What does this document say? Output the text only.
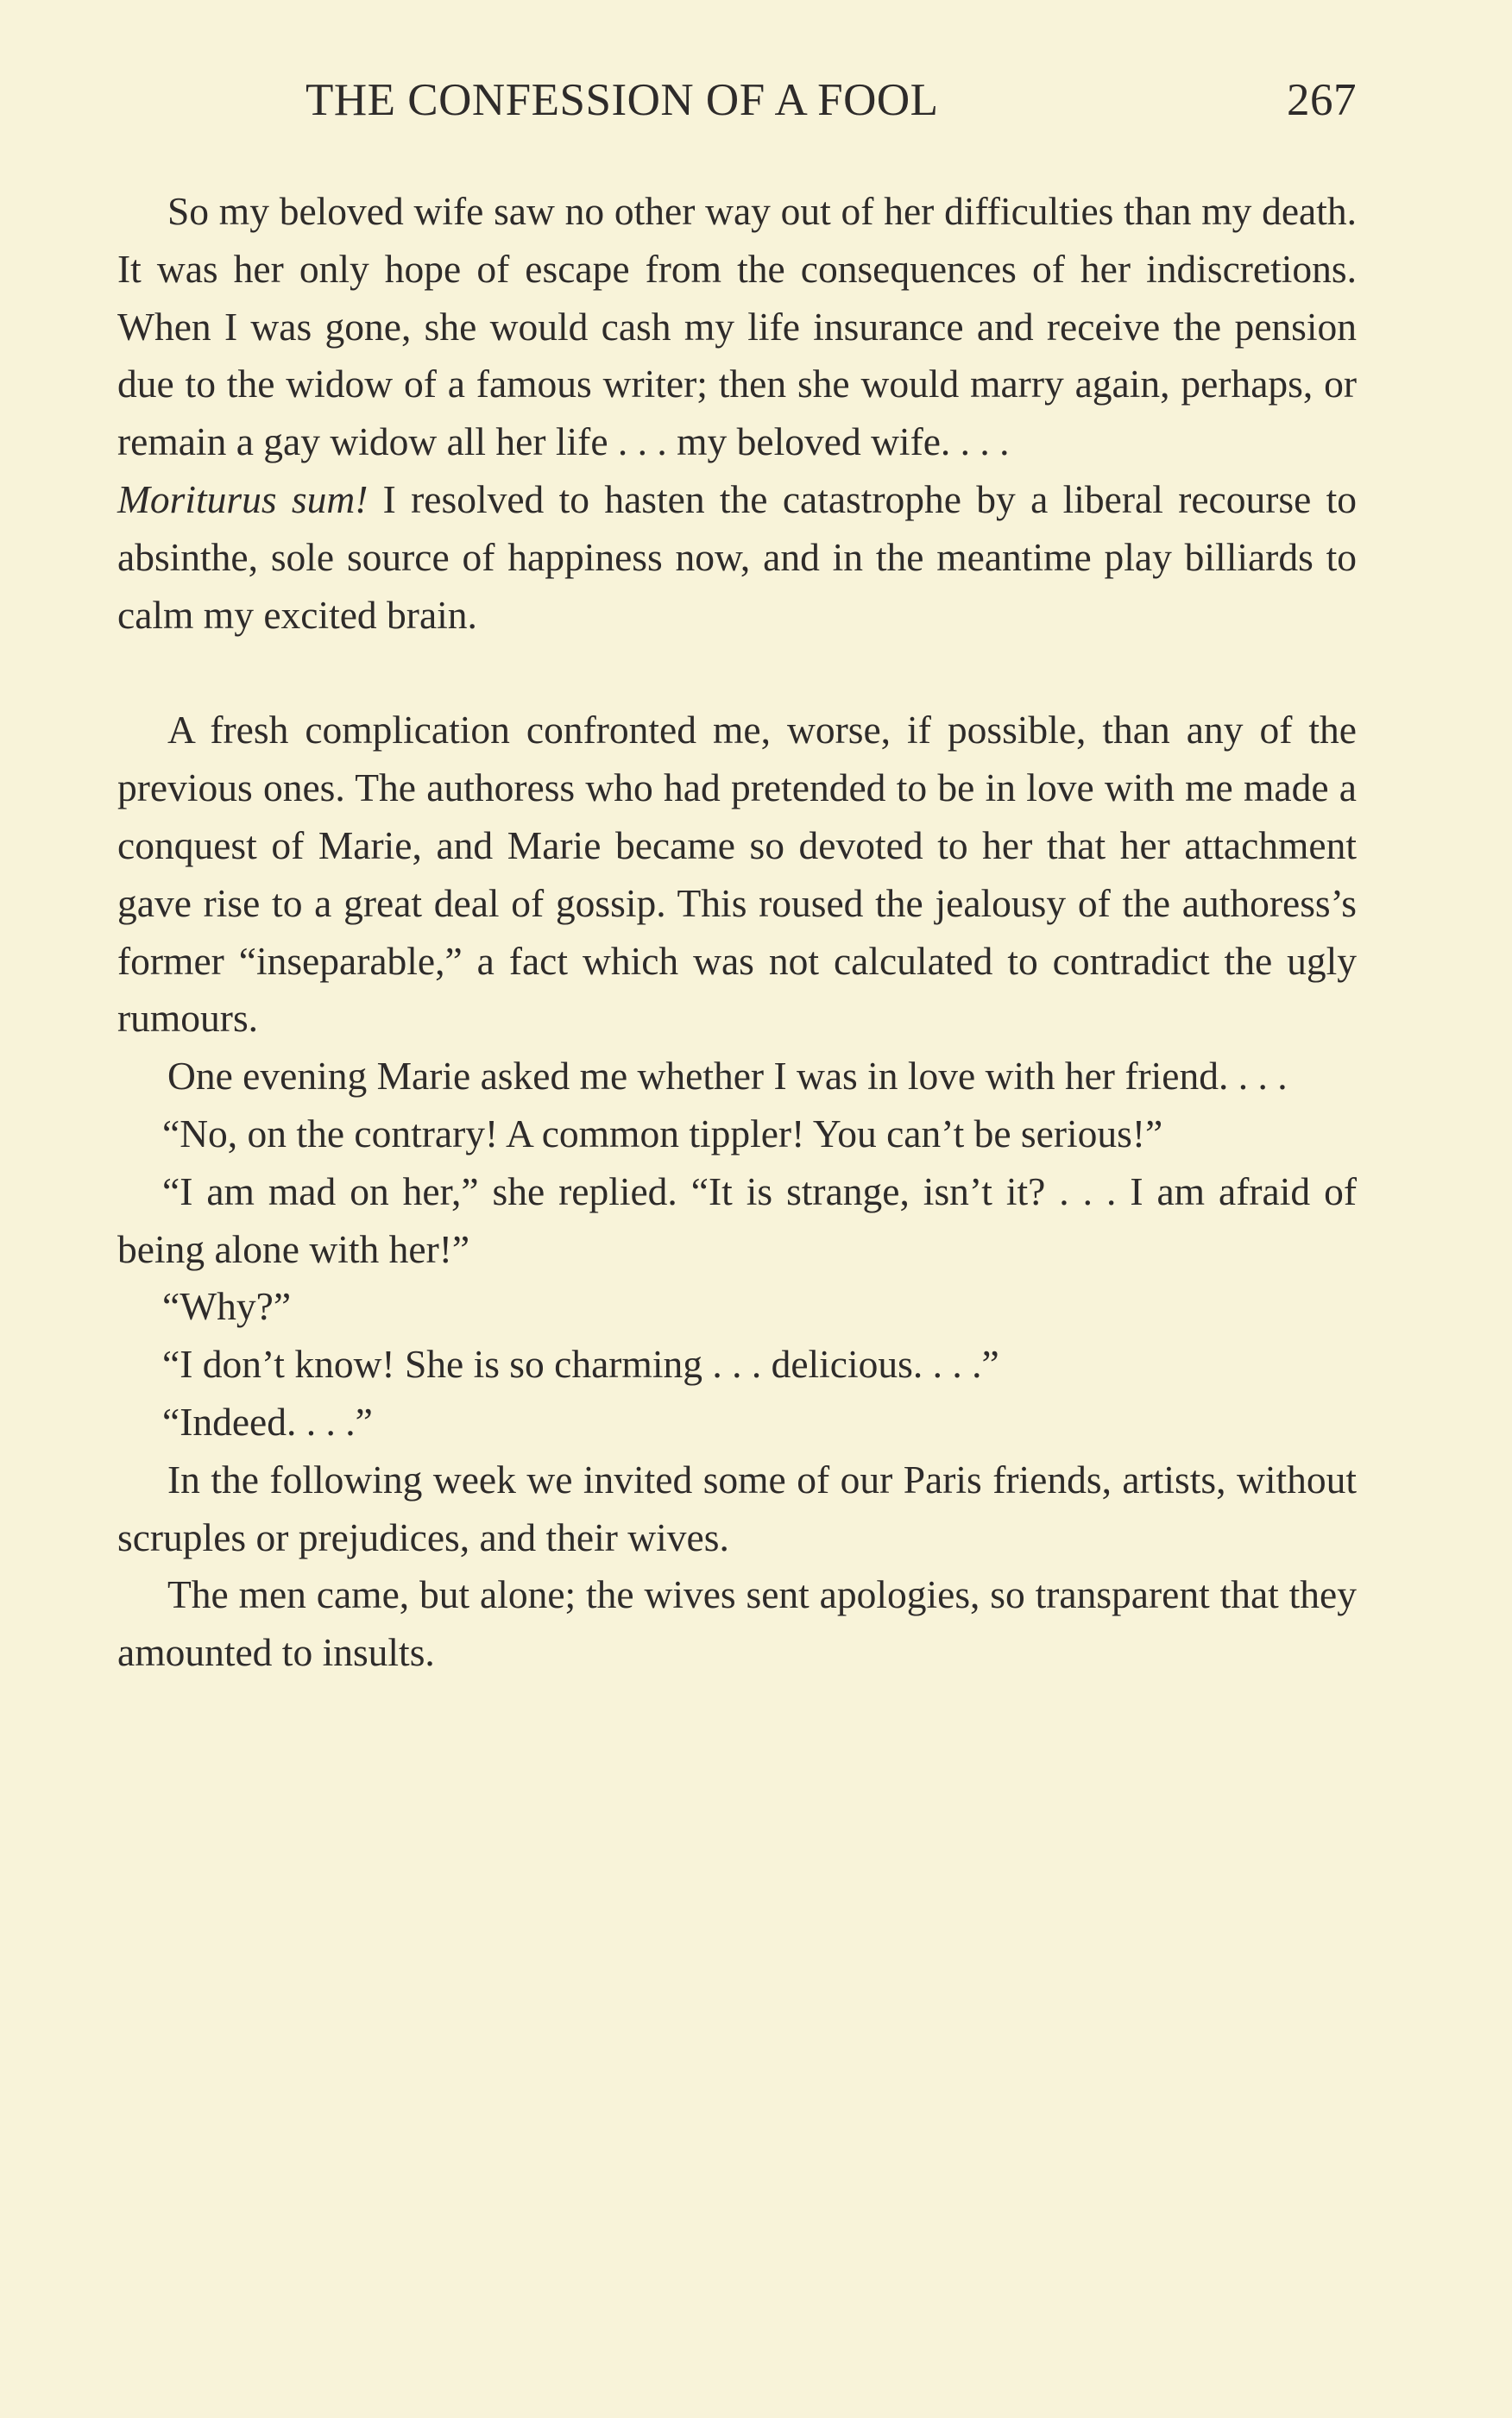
THE CONFESSION OF A FOOL	267

So my beloved wife saw no other way out of her difficulties than my death. It was her only hope of escape from the consequences of her indiscretions. When I was gone, she would cash my life insurance and receive the pension due to the widow of a famous writer; then she would marry again, perhaps, or remain a gay widow all her life . . . my beloved wife. . . .

Moriturus sum! I resolved to hasten the catastrophe by a liberal recourse to absinthe, sole source of happiness now, and in the meantime play billiards to calm my excited brain.

A fresh complication confronted me, worse, if possible, than any of the previous ones. The authoress who had pretended to be in love with me made a conquest of Marie, and Marie became so devoted to her that her attachment gave rise to a great deal of gossip. This roused the jealousy of the authoress’s former “inseparable,” a fact which was not calculated to contradict the ugly rumours.

One evening Marie asked me whether I was in love with her friend. . . .

“No, on the contrary! A common tippler! You can’t be serious!”

“I am mad on her,” she replied. “It is strange, isn’t it? . . . I am afraid of being alone with her!”

“Why?”

“I don’t know! She is so charming . . . delicious. . . .”

“Indeed. . . .”

In the following week we invited some of our Paris friends, artists, without scruples or prejudices, and their wives.

The men came, but alone; the wives sent apologies, so transparent that they amounted to insults.
